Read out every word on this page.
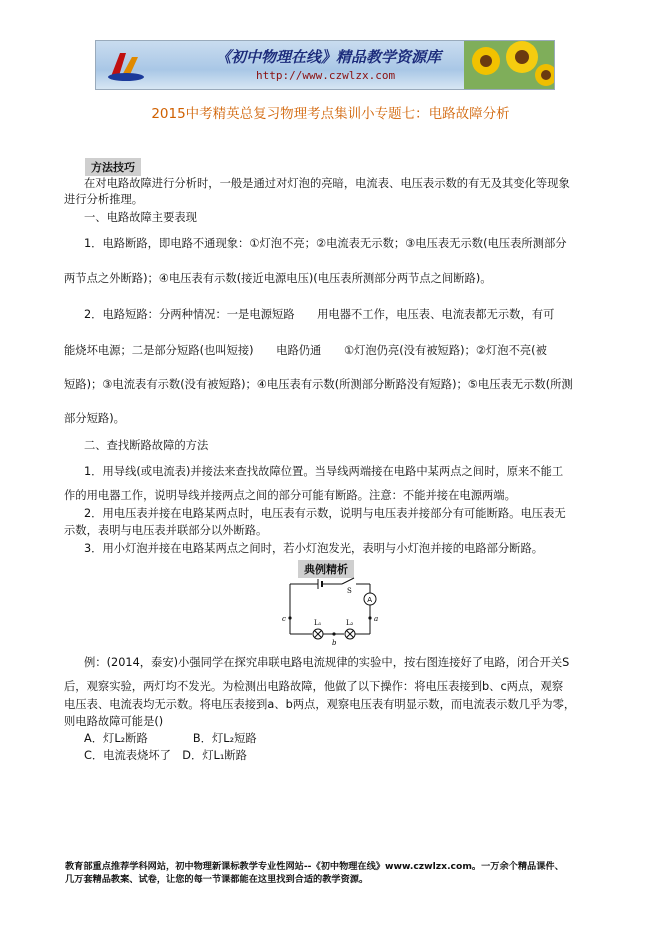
《初中物理在线》精品教学资源库
http://www.czwlzx.com
2015中考精英总复习物理考点集训小专题七：电路故障分析
方法技巧
在对电路故障进行分析时，一般是通过对灯泡的亮暗，电流表、电压表示数的有无及其变化等现象
进行分析推理。
一、电路故障主要表现
1．电路断路，即电路不通现象：①灯泡不亮；②电流表无示数；③电压表无示数(电压表所测部分
两节点之外断路)；④电压表有示数(接近电源电压)(电压表所测部分两节点之间断路)。
2．电路短路：分两种情况：一是电源短路　　用电器不工作，电压表、电流表都无示数，有可
能烧坏电源；二是部分短路(也叫短接)　　电路仍通　　①灯泡仍亮(没有被短路)；②灯泡不亮(被
短路)；③电流表有示数(没有被短路)；④电压表有示数(所测部分断路没有短路)；⑤电压表无示数(所测
部分短路)。
二、查找断路故障的方法
1．用导线(或电流表)并接法来查找故障位置。当导线两端接在电路中某两点之间时，原来不能工
作的用电器工作，说明导线并接两点之间的部分可能有断路。注意：不能并接在电源两端。
2．用电压表并接在电路某两点时，电压表有示数，说明与电压表并接部分有可能断路。电压表无
示数，表明与电压表并联部分以外断路。
3．用小灯泡并接在电路某两点之间时，若小灯泡发光，表明与小灯泡并接的电路部分断路。
典例精析
S
A
L₁	L₂	a
b
c
例：(2014，泰安)小强同学在探究串联电路电流规律的实验中，按右图连接好了电路，闭合开关S
后，观察实验，两灯均不发光。为检测出电路故障，他做了以下操作：将电压表接到b、c两点，观察
电压表、电流表均无示数。将电压表接到a、b两点，观察电压表有明显示数，而电流表示数几乎为零，
则电路故障可能是()
A．灯L₂断路　　　　B．灯L₂短路
C．电流表烧坏了　D．灯L₁断路
教育部重点推荐学科网站，初中物理新课标教学专业性网站--《初中物理在线》www.czwlzx.com。一万余个精品课件、
几万套精品教案、试卷，让您的每一节课都能在这里找到合适的教学资源。
